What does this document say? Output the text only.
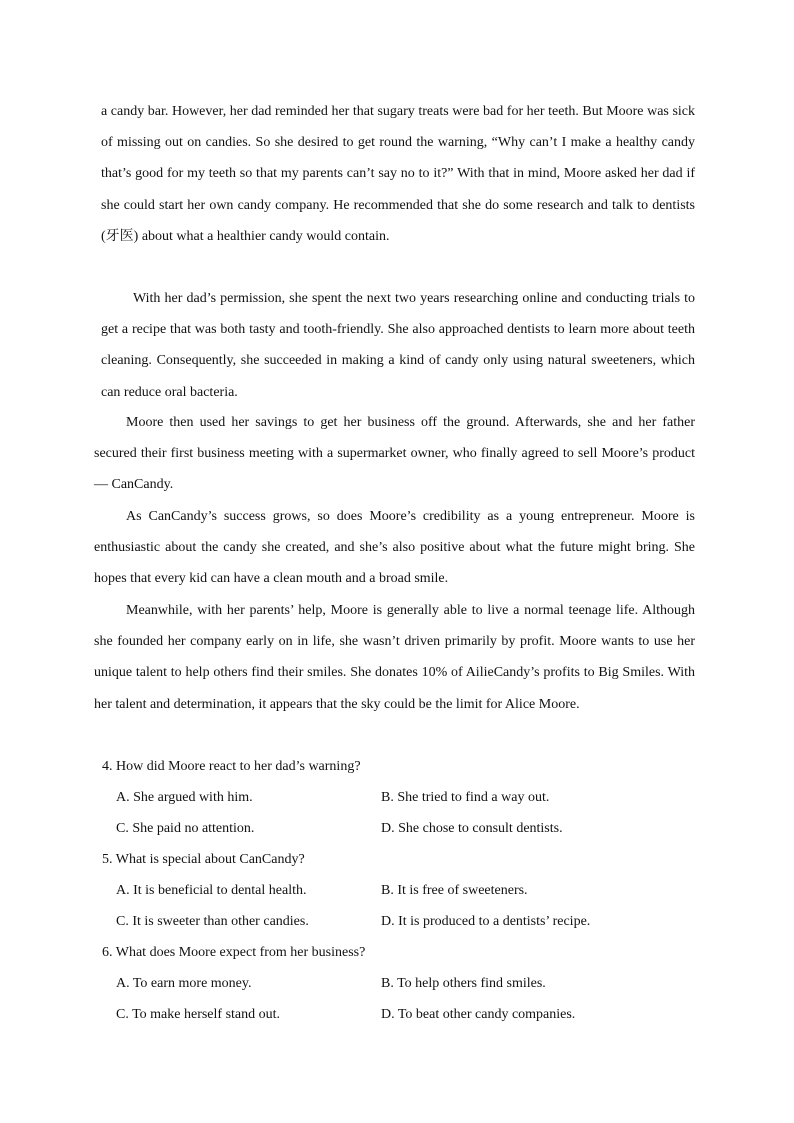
a candy bar. However, her dad reminded her that sugary treats were bad for her teeth. But Moore was sick of missing out on candies. So she desired to get round the warning, “Why can’t I make a healthy candy that’s good for my teeth so that my parents can’t say no to it?” With that in mind, Moore asked her dad if she could start her own candy company. He recommended that she do some research and talk to dentists (牙医) about what a healthier candy would contain.

With her dad’s permission, she spent the next two years researching online and conducting trials to get a recipe that was both tasty and tooth-friendly. She also approached dentists to learn more about teeth cleaning. Consequently, she succeeded in making a kind of candy only using natural sweeteners, which can reduce oral bacteria.

Moore then used her savings to get her business off the ground. Afterwards, she and her father secured their first business meeting with a supermarket owner, who finally agreed to sell Moore’s product — CanCandy.

As CanCandy’s success grows, so does Moore’s credibility as a young entrepreneur. Moore is enthusiastic about the candy she created, and she’s also positive about what the future might bring. She hopes that every kid can have a clean mouth and a broad smile.

Meanwhile, with her parents’ help, Moore is generally able to live a normal teenage life. Although she founded her company early on in life, she wasn’t driven primarily by profit. Moore wants to use her unique talent to help others find their smiles. She donates 10% of AilieCandy’s profits to Big Smiles. With her talent and determination, it appears that the sky could be the limit for Alice Moore.

4. How did Moore react to her dad’s warning?

A. She argued with him.	B. She tried to find a way out.
C. She paid no attention.	D. She chose to consult dentists.

5. What is special about CanCandy?

A. It is beneficial to dental health.	B. It is free of sweeteners.
C. It is sweeter than other candies.	D. It is produced to a dentists’ recipe.

6. What does Moore expect from her business?

A. To earn more money.	B. To help others find smiles.
C. To make herself stand out.	D. To beat other candy companies.
